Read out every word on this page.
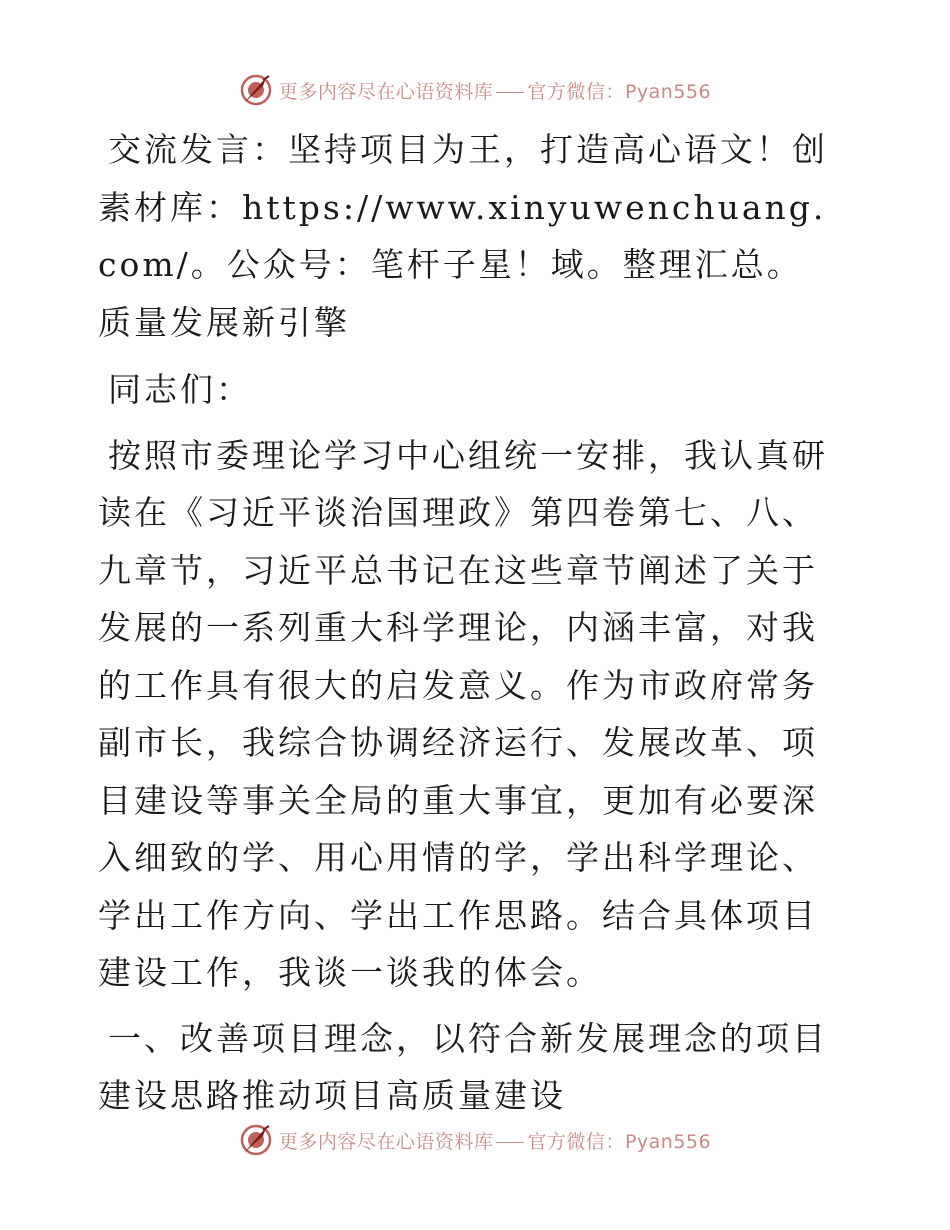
更多内容尽在心语资料库 官方微信：Pyan556

交流发言：坚持项目为王，打造高心语文！创素材库：https://www.xinyuwenchuang.com/。公众号：笔杆子星！域。整理汇总。质量发展新引擎

同志们：

按照市委理论学习中心组统一安排，我认真研读在《习近平谈治国理政》第四卷第七、八、九章节，习近平总书记在这些章节阐述了关于发展的一系列重大科学理论，内涵丰富，对我的工作具有很大的启发意义。作为市政府常务副市长，我综合协调经济运行、发展改革、项目建设等事关全局的重大事宜，更加有必要深入细致的学、用心用情的学，学出科学理论、学出工作方向、学出工作思路。结合具体项目建设工作，我谈一谈我的体会。

一、改善项目理念，以符合新发展理念的项目建设思路推动项目高质量建设

更多内容尽在心语资料库 官方微信：Pyan556
